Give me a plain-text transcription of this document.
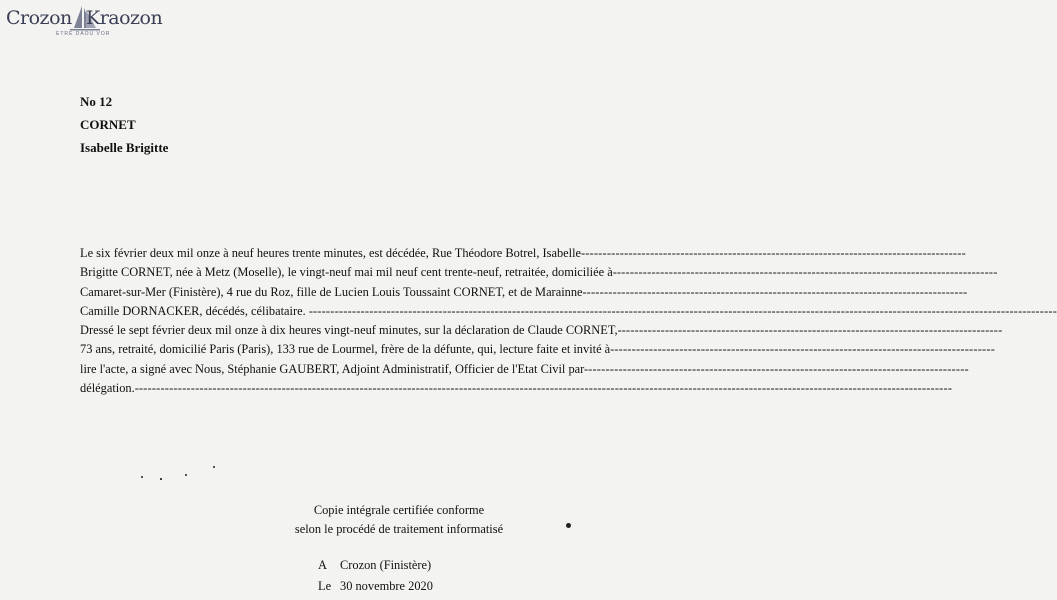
Crozon Kraozon
ETRE DAOU VOR
No 12
CORNET
Isabelle Brigitte
Le six février deux mil onze à neuf heures trente minutes, est décédée, Rue Théodore Botrel, Isabelle- ----------------------------------------------------------------------------------------
Brigitte CORNET, née à Metz (Moselle), le vingt-neuf mai mil neuf cent trente-neuf, retraitée, domiciliée à- ----------------------------------------------------------------------------------------
Camaret-sur-Mer (Finistère), 4 rue du Roz, fille de Lucien Louis Toussaint CORNET, et de Marainne- ----------------------------------------------------------------------------------------
Camille DORNACKER, décédés, célibataire. - ----------------------------------------------------------------------------------------------------------------------------------------------------------------------------
Dressé le sept février deux mil onze à dix heures vingt-neuf minutes, sur la déclaration de Claude CORNET,- ----------------------------------------------------------------------------------------
73 ans, retraité, domicilié Paris (Paris), 133 rue de Lourmel, frère de la défunte, qui, lecture faite et invité à- ----------------------------------------------------------------------------------------
lire l'acte, a signé avec Nous, Stéphanie GAUBERT, Adjoint Administratif, Officier de l'Etat Civil par- ----------------------------------------------------------------------------------------
délégation.- --------------------------------------------------------------------------------------------------------------------------------------------------------------------------------------------
Copie intégrale certifiée conforme
selon le procédé de traitement informatisé
A	Crozon (Finistère)
Le 30 novembre 2020
